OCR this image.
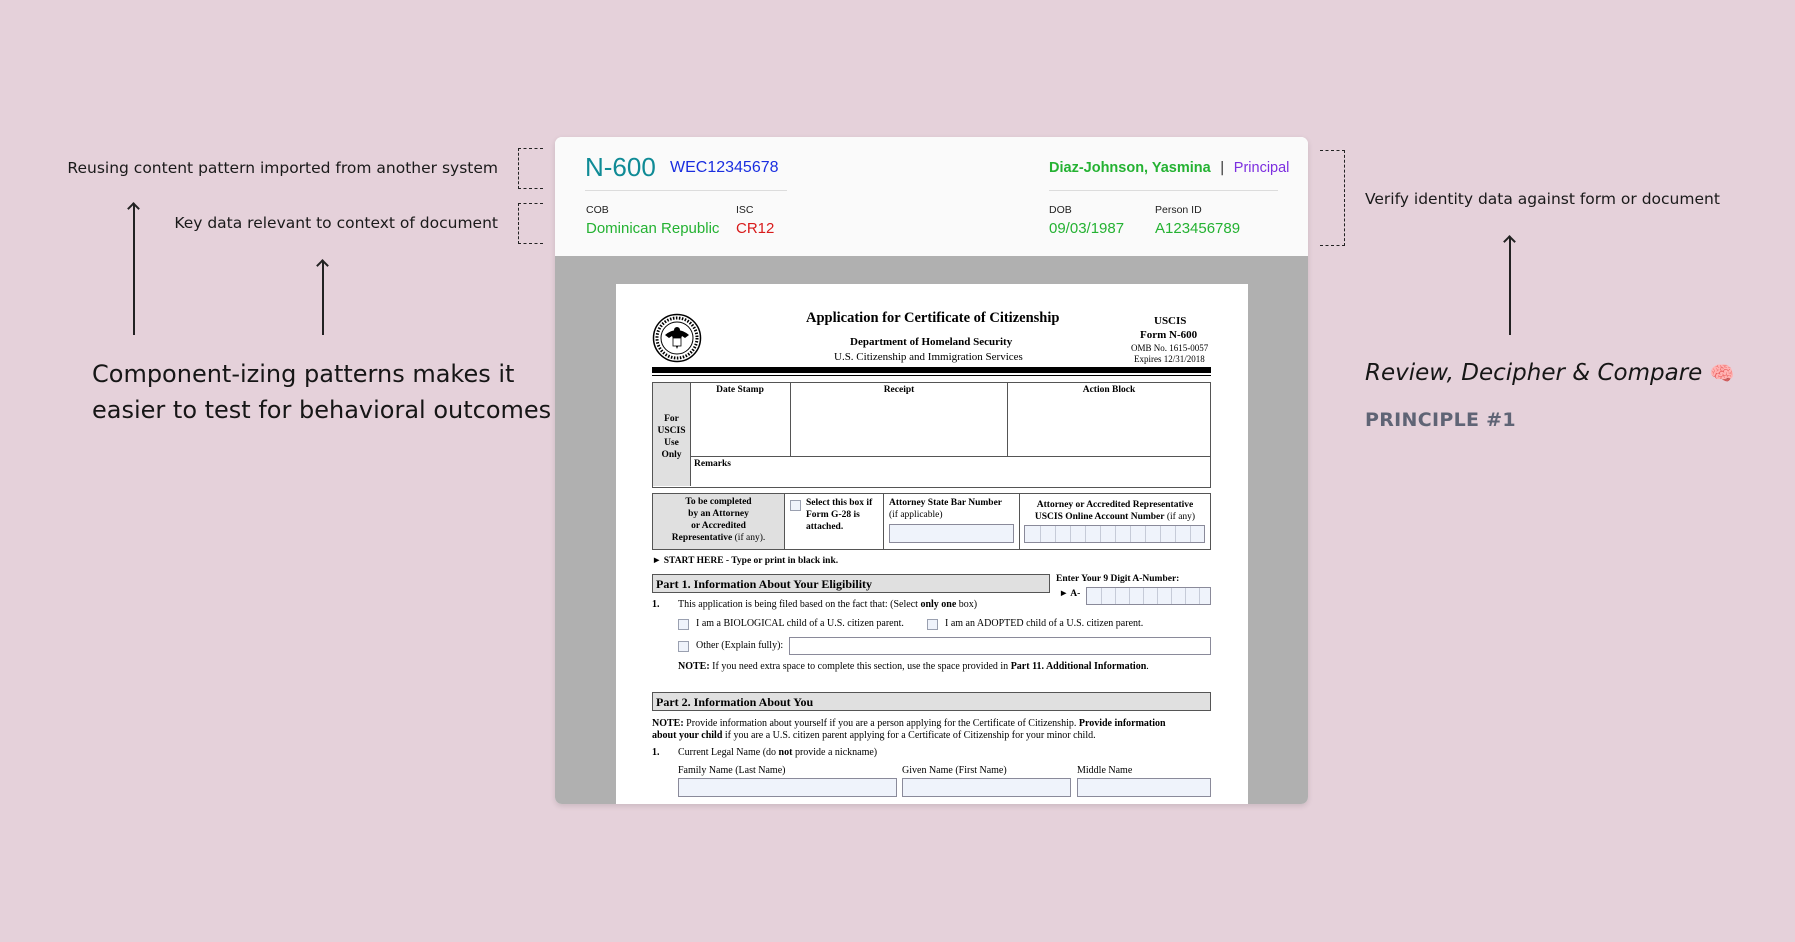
Reusing content pattern imported from another system
Key data relevant to context of document
Component-izing patterns makes it
easier to test for behavioral outcomes
Verify identity data against form or document
Review, Decipher & Compare 🧠
PRINCIPLE #1
N-600 WEC12345678
COB
Dominican Republic
ISC
CR12
Diaz-Johnson, Yasmina | Principal
DOB
09/03/1987
Person ID
A123456789
Application for Certificate of Citizenship
Department of Homeland Security
U.S. Citizenship and Immigration Services
USCIS
Form N-600
OMB No. 1615-0057
Expires 12/31/2018
For
USCIS
Use
Only
Date Stamp	Receipt	Action Block
Remarks
To be completed
by an Attorney
or Accredited
Representative (if any).
Select this box if
Form G-28 is
attached.
Attorney State Bar Number
(if applicable)
Attorney or Accredited Representative
USCIS Online Account Number (if any)
► START HERE - Type or print in black ink.
Part 1. Information About Your Eligibility	Enter Your 9 Digit A-Number:
► A-
1. This application is being filed based on the fact that: (Select only one box)
I am a BIOLOGICAL child of a U.S. citizen parent.	I am an ADOPTED child of a U.S. citizen parent.
Other (Explain fully):
NOTE: If you need extra space to complete this section, use the space provided in Part 11. Additional Information.
Part 2. Information About You
NOTE: Provide information about yourself if you are a person applying for the Certificate of Citizenship. Provide information
about your child if you are a U.S. citizen parent applying for a Certificate of Citizenship for your minor child.
1. Current Legal Name (do not provide a nickname)
Family Name (Last Name)	Given Name (First Name)	Middle Name
